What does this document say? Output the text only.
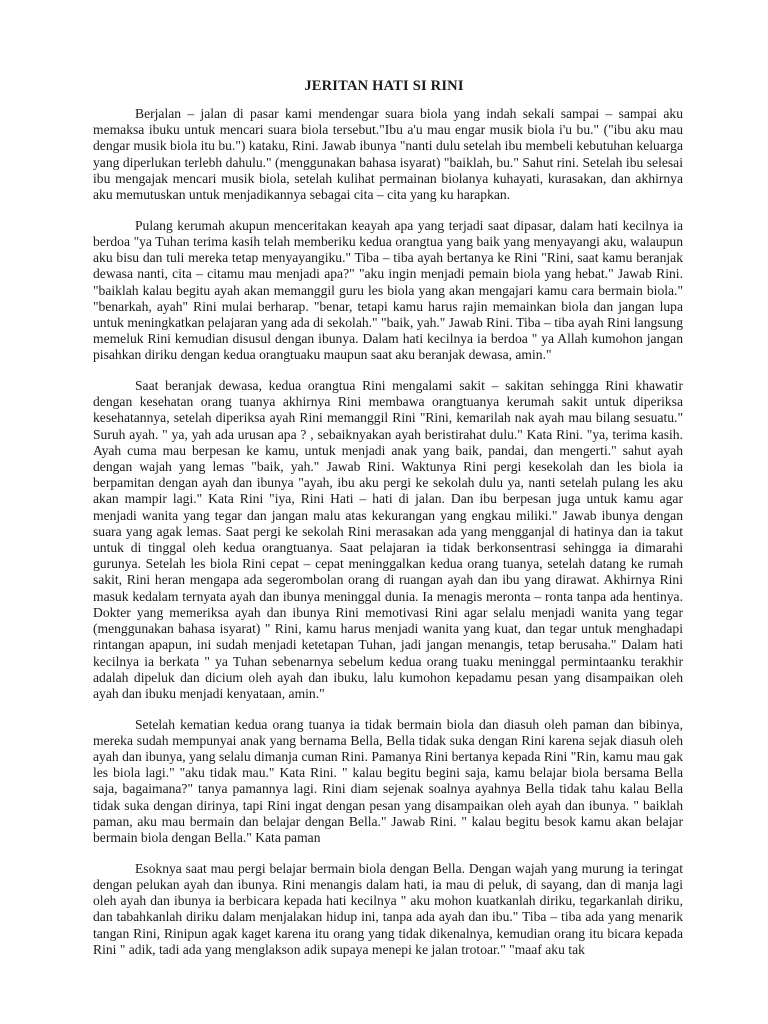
JERITAN HATI SI RINI

Berjalan – jalan di pasar kami mendengar suara biola yang indah sekali sampai – sampai aku memaksa ibuku untuk mencari suara biola tersebut."Ibu a'u mau engar musik biola i'u bu." ("ibu aku mau dengar musik biola itu bu.") kataku, Rini. Jawab ibunya "nanti dulu setelah ibu membeli kebutuhan keluarga yang diperlukan terlebh dahulu." (menggunakan bahasa isyarat) "baiklah, bu." Sahut rini. Setelah ibu selesai ibu mengajak mencari musik biola, setelah kulihat permainan biolanya kuhayati, kurasakan, dan akhirnya aku memutuskan untuk menjadikannya sebagai cita – cita yang ku harapkan.

Pulang kerumah akupun menceritakan keayah apa yang terjadi saat dipasar, dalam hati kecilnya ia berdoa "ya Tuhan terima kasih telah memberiku kedua orangtua yang baik yang menyayangi aku, walaupun aku bisu dan tuli mereka tetap menyayangiku." Tiba – tiba ayah bertanya ke Rini "Rini, saat kamu beranjak dewasa nanti, cita – citamu mau menjadi apa?" "aku ingin menjadi pemain biola yang hebat." Jawab Rini. "baiklah kalau begitu ayah akan memanggil guru les biola yang akan mengajari kamu cara bermain biola." "benarkah, ayah" Rini mulai berharap. "benar, tetapi kamu harus rajin memainkan biola dan jangan lupa untuk meningkatkan pelajaran yang ada di sekolah." "baik, yah." Jawab Rini. Tiba – tiba ayah Rini langsung memeluk Rini kemudian disusul dengan ibunya. Dalam hati kecilnya ia berdoa " ya Allah kumohon jangan pisahkan diriku dengan kedua orangtuaku maupun saat aku beranjak dewasa, amin."

Saat beranjak dewasa, kedua orangtua Rini mengalami sakit – sakitan sehingga Rini khawatir dengan kesehatan orang tuanya akhirnya Rini membawa orangtuanya kerumah sakit untuk diperiksa kesehatannya, setelah diperiksa ayah Rini memanggil Rini "Rini, kemarilah nak ayah mau bilang sesuatu." Suruh ayah. " ya, yah ada urusan apa ? , sebaiknyakan ayah beristirahat dulu." Kata Rini. "ya, terima kasih. Ayah cuma mau berpesan ke kamu, untuk menjadi anak yang baik, pandai, dan mengerti." sahut ayah dengan wajah yang lemas "baik, yah." Jawab Rini. Waktunya Rini pergi kesekolah dan les biola ia berpamitan dengan ayah dan ibunya "ayah, ibu aku pergi ke sekolah dulu ya, nanti setelah pulang les aku akan mampir lagi." Kata Rini "iya, Rini Hati – hati di jalan. Dan ibu berpesan juga untuk kamu agar menjadi wanita yang tegar dan jangan malu atas kekurangan yang engkau miliki." Jawab ibunya dengan suara yang agak lemas. Saat pergi ke sekolah Rini merasakan ada yang mengganjal di hatinya dan ia takut untuk di tinggal oleh kedua orangtuanya. Saat pelajaran ia tidak berkonsentrasi sehingga ia dimarahi gurunya. Setelah les biola Rini cepat – cepat meninggalkan kedua orang tuanya, setelah datang ke rumah sakit, Rini heran mengapa ada segerombolan orang di ruangan ayah dan ibu yang dirawat. Akhirnya Rini masuk kedalam ternyata ayah dan ibunya meninggal dunia. Ia menagis meronta – ronta tanpa ada hentinya. Dokter yang memeriksa ayah dan ibunya Rini memotivasi Rini agar selalu menjadi wanita yang tegar (menggunakan bahasa isyarat) " Rini, kamu harus menjadi wanita yang kuat, dan tegar untuk menghadapi rintangan apapun, ini sudah menjadi ketetapan Tuhan, jadi jangan menangis, tetap berusaha." Dalam hati kecilnya ia berkata " ya Tuhan sebenarnya sebelum kedua orang tuaku meninggal permintaanku terakhir adalah dipeluk dan dicium oleh ayah dan ibuku, lalu kumohon kepadamu pesan yang disampaikan oleh ayah dan ibuku menjadi kenyataan, amin."

Setelah kematian kedua orang tuanya ia tidak bermain biola dan diasuh oleh paman dan bibinya, mereka sudah mempunyai anak yang bernama Bella, Bella tidak suka dengan Rini karena sejak diasuh oleh ayah dan ibunya, yang selalu dimanja cuman Rini. Pamanya Rini bertanya kepada Rini "Rin, kamu mau gak les biola lagi." "aku tidak mau." Kata Rini. " kalau begitu begini saja, kamu belajar biola bersama Bella saja, bagaimana?" tanya pamannya lagi. Rini diam sejenak soalnya ayahnya Bella tidak tahu kalau Bella tidak suka dengan dirinya, tapi Rini ingat dengan pesan yang disampaikan oleh ayah dan ibunya. " baiklah paman, aku mau bermain dan belajar dengan Bella." Jawab Rini. " kalau begitu besok kamu akan belajar bermain biola dengan Bella." Kata paman

Esoknya saat mau pergi belajar bermain biola dengan Bella. Dengan wajah yang murung ia teringat dengan pelukan ayah dan ibunya. Rini menangis dalam hati, ia mau di peluk, di sayang, dan di manja lagi oleh ayah dan ibunya ia berbicara kepada hati kecilnya " aku mohon kuatkanlah diriku, tegarkanlah diriku, dan tabahkanlah diriku dalam menjalakan hidup ini, tanpa ada ayah dan ibu." Tiba – tiba ada yang menarik tangan Rini, Rinipun agak kaget karena itu orang yang tidak dikenalnya, kemudian orang itu bicara kepada Rini " adik, tadi ada yang menglakson adik supaya menepi ke jalan trotoar." "maaf aku tak
